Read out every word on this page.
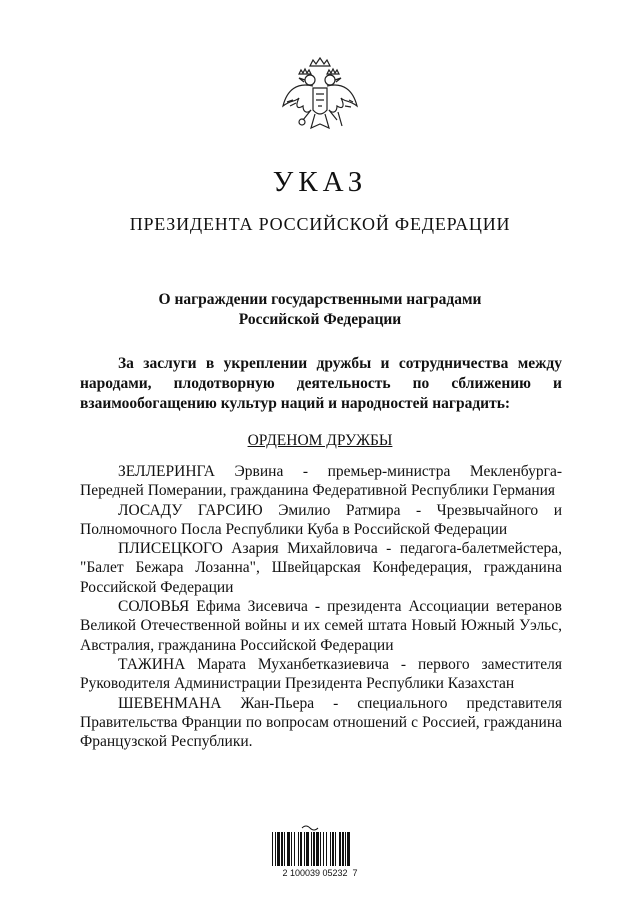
УКАЗ
ПРЕЗИДЕНТА РОССИЙСКОЙ ФЕДЕРАЦИИ
О награждении государственными наградами
Российской Федерации
За заслуги в укреплении дружбы и сотрудничества между народами, плодотворную деятельность по сближению и взаимообогащению культур наций и народностей наградить:
ОРДЕНОМ ДРУЖБЫ

ЗЕЛЛЕРИНГА Эрвина - премьер-министра Мекленбурга-Передней Померании, гражданина Федеративной Республики Германия

ЛОСАДУ ГАРСИЮ Эмилио Ратмира - Чрезвычайного и Полномочного Посла Республики Куба в Российской Федерации

ПЛИСЕЦКОГО Азария Михайловича - педагога-балетмейстера, "Балет Бежара Лозанна", Швейцарская Конфедерация, гражданина Российской Федерации

СОЛОВЬЯ Ефима Зисевича - президента Ассоциации ветеранов Великой Отечественной войны и их семей штата Новый Южный Уэльс, Австралия, гражданина Российской Федерации

ТАЖИНА Марата Муханбеткaзиевича - первого заместителя Руководителя Администрации Президента Республики Казахстан

ШЕВЕНМАНА Жан-Пьера - специального представителя Правительства Франции по вопросам отношений с Россией, гражданина Французской Республики.

2 100039 05232  7
